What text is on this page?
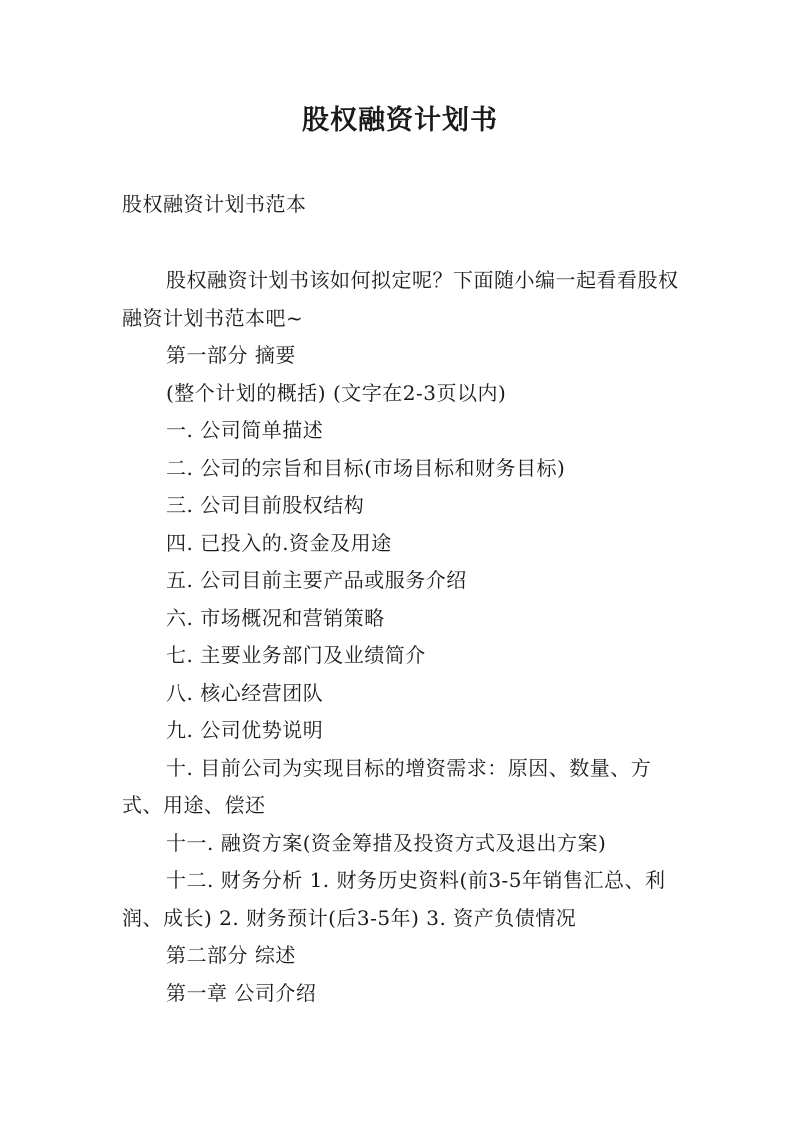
股权融资计划书

股权融资计划书范本

股权融资计划书该如何拟定呢？下面随小编一起看看股权融资计划书范本吧~

第一部分 摘要

(整个计划的概括) (文字在2-3页以内)

一. 公司简单描述

二. 公司的宗旨和目标(市场目标和财务目标)

三. 公司目前股权结构

四. 已投入的.资金及用途

五. 公司目前主要产品或服务介绍

六. 市场概况和营销策略

七. 主要业务部门及业绩简介

八. 核心经营团队

九. 公司优势说明

十. 目前公司为实现目标的增资需求：原因、数量、方式、用途、偿还

十一. 融资方案(资金筹措及投资方式及退出方案)

十二. 财务分析 1. 财务历史资料(前3-5年销售汇总、利润、成长) 2. 财务预计(后3-5年) 3. 资产负债情况

第二部分 综述

第一章 公司介绍
